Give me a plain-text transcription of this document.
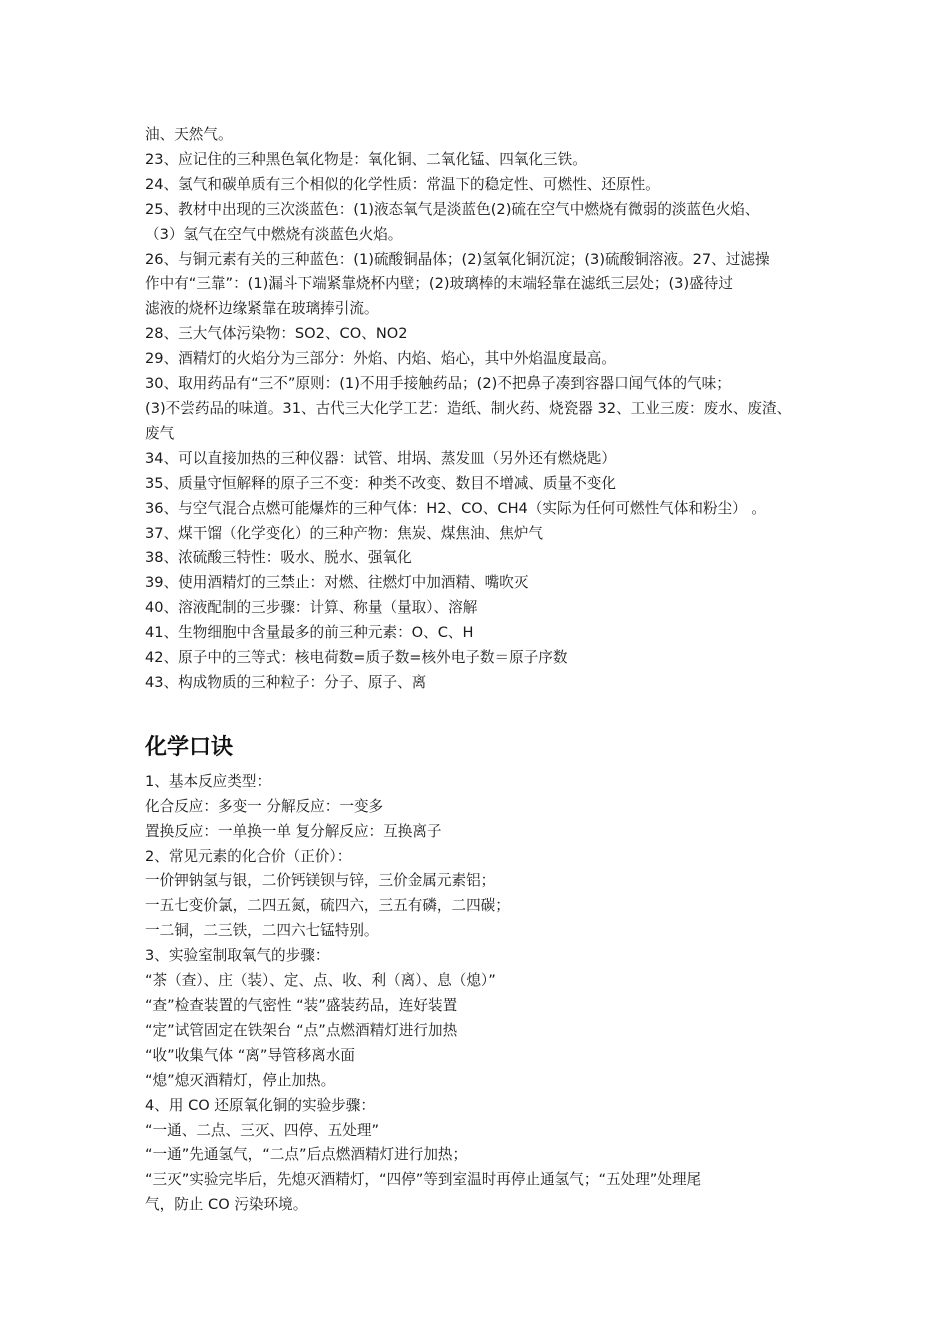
油、天然气。
23、应记住的三种黑色氧化物是：氧化铜、二氧化锰、四氧化三铁。
24、氢气和碳单质有三个相似的化学性质：常温下的稳定性、可燃性、还原性。
25、教材中出现的三次淡蓝色：(1)液态氧气是淡蓝色(2)硫在空气中燃烧有微弱的淡蓝色火焰、
（3）氢气在空气中燃烧有淡蓝色火焰。
26、与铜元素有关的三种蓝色：(1)硫酸铜晶体；(2)氢氧化铜沉淀；(3)硫酸铜溶液。27、过滤操
作中有“三靠”：(1)漏斗下端紧靠烧杯内壁；(2)玻璃棒的末端轻靠在滤纸三层处；(3)盛待过
滤液的烧杯边缘紧靠在玻璃捧引流。
28、三大气体污染物：SO2、CO、NO2
29、酒精灯的火焰分为三部分：外焰、内焰、焰心，其中外焰温度最高。
30、取用药品有“三不”原则：(1)不用手接触药品；(2)不把鼻子凑到容器口闻气体的气味；
(3)不尝药品的味道。31、古代三大化学工艺：造纸、制火药、烧瓷器 32、工业三废：废水、废渣、
废气
34、可以直接加热的三种仪器：试管、坩埚、蒸发皿（另外还有燃烧匙）
35、质量守恒解释的原子三不变：种类不改变、数目不增减、质量不变化
36、与空气混合点燃可能爆炸的三种气体：H2、CO、CH4（实际为任何可燃性气体和粉尘） 。
37、煤干馏（化学变化）的三种产物：焦炭、煤焦油、焦炉气
38、浓硫酸三特性：吸水、脱水、强氧化
39、使用酒精灯的三禁止：对燃、往燃灯中加酒精、嘴吹灭
40、溶液配制的三步骤：计算、称量（量取）、溶解
41、生物细胞中含量最多的前三种元素：O、C、H
42、原子中的三等式：核电荷数=质子数=核外电子数＝原子序数
43、构成物质的三种粒子：分子、原子、离
化学口诀
1、基本反应类型：
化合反应：多变一 分解反应：一变多
置换反应：一单换一单 复分解反应：互换离子
2、常见元素的化合价（正价）：
一价钾钠氢与银，二价钙镁钡与锌，三价金属元素铝；
一五七变价氯，二四五氮，硫四六，三五有磷，二四碳；
一二铜，二三铁，二四六七锰特别。
3、实验室制取氧气的步骤：
“茶（查）、庄（装）、定、点、收、利（离）、息（熄）”
“查”检查装置的气密性 “装”盛装药品，连好装置
“定”试管固定在铁架台 “点”点燃酒精灯进行加热
“收”收集气体 “离”导管移离水面
“熄”熄灭酒精灯，停止加热。
4、用 CO 还原氧化铜的实验步骤：
“一通、二点、三灭、四停、五处理”
“一通”先通氢气，“二点”后点燃酒精灯进行加热；
“三灭”实验完毕后，先熄灭酒精灯，“四停”等到室温时再停止通氢气；“五处理”处理尾
气，防止 CO 污染环境。
